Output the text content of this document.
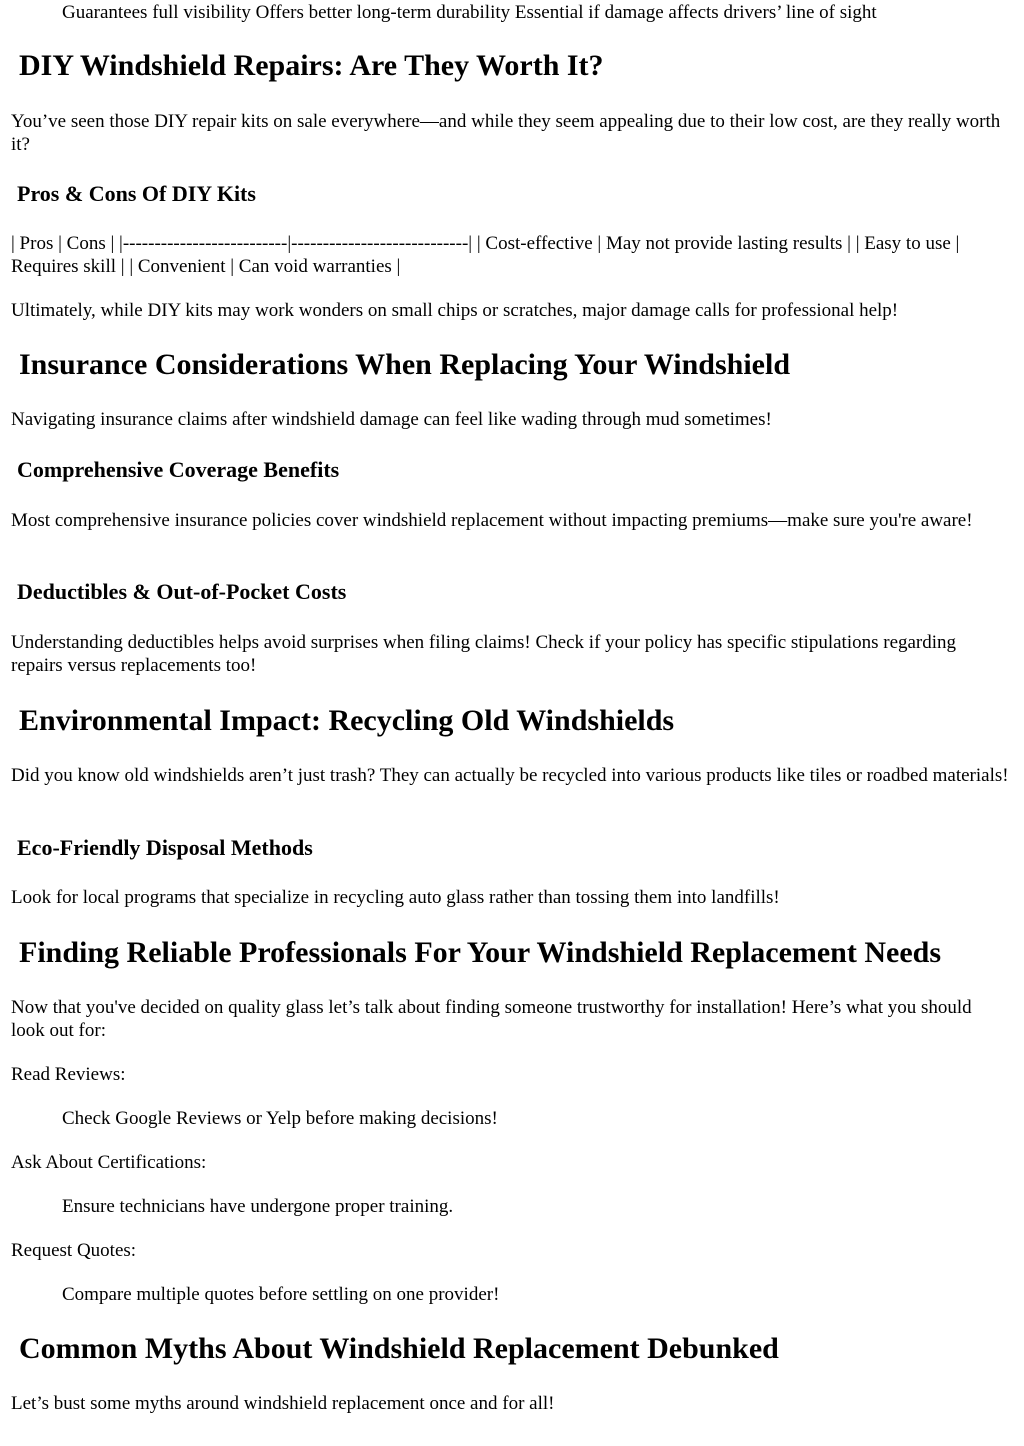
Guarantees full visibility Offers better long-term durability Essential if damage affects drivers’ line of sight

DIY Windshield Repairs: Are They Worth It?

You’ve seen those DIY repair kits on sale everywhere—and while they seem appealing due to their low cost, are they really worth it?

Pros & Cons Of DIY Kits

| Pros | Cons | |--------------------------|----------------------------| | Cost-effective | May not provide lasting results | | Easy to use | Requires skill | | Convenient | Can void warranties |

Ultimately, while DIY kits may work wonders on small chips or scratches, major damage calls for professional help!

Insurance Considerations When Replacing Your Windshield

Navigating insurance claims after windshield damage can feel like wading through mud sometimes!

Comprehensive Coverage Benefits

Most comprehensive insurance policies cover windshield replacement without impacting premiums—make sure you're aware!

Deductibles & Out-of-Pocket Costs

Understanding deductibles helps avoid surprises when filing claims! Check if your policy has specific stipulations regarding repairs versus replacements too!

Environmental Impact: Recycling Old Windshields

Did you know old windshields aren’t just trash? They can actually be recycled into various products like tiles or roadbed materials!

Eco-Friendly Disposal Methods

Look for local programs that specialize in recycling auto glass rather than tossing them into landfills!

Finding Reliable Professionals For Your Windshield Replacement Needs

Now that you've decided on quality glass let’s talk about finding someone trustworthy for installation! Here’s what you should look out for:

Read Reviews:

Check Google Reviews or Yelp before making decisions!

Ask About Certifications:

Ensure technicians have undergone proper training.

Request Quotes:

Compare multiple quotes before settling on one provider!

Common Myths About Windshield Replacement Debunked

Let’s bust some myths around windshield replacement once and for all!
